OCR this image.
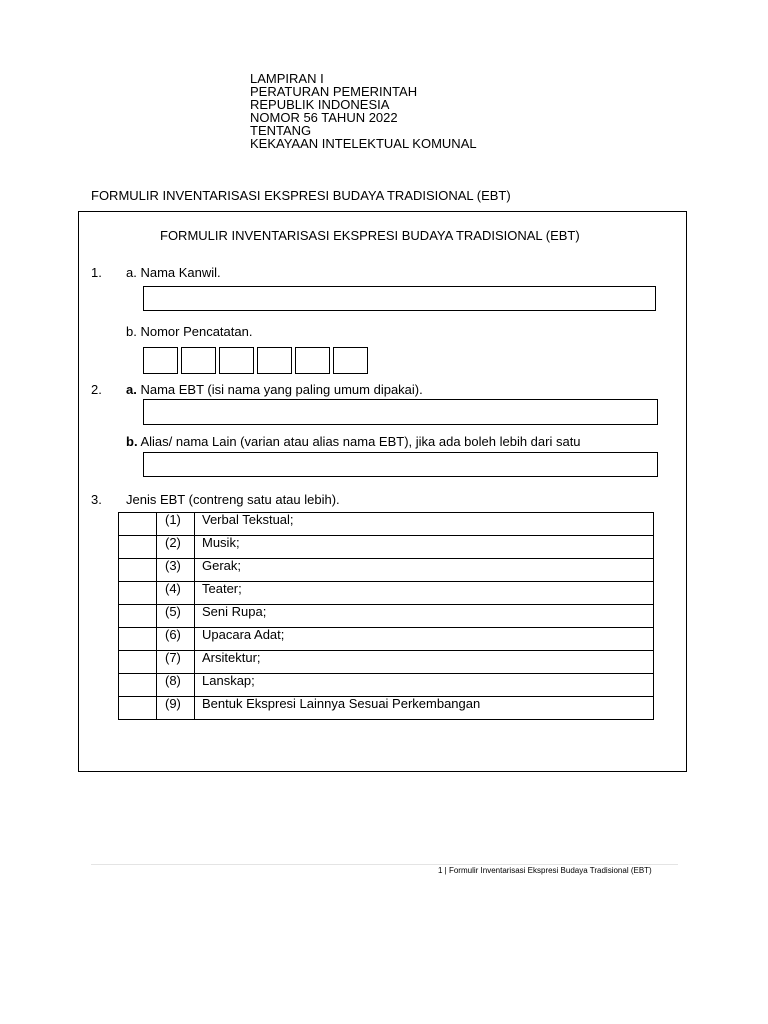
LAMPIRAN I
PERATURAN PEMERINTAH
REPUBLIK INDONESIA
NOMOR 56 TAHUN 2022
TENTANG
KEKAYAAN INTELEKTUAL KOMUNAL
FORMULIR INVENTARISASI EKSPRESI BUDAYA TRADISIONAL (EBT)
FORMULIR INVENTARISASI EKSPRESI BUDAYA TRADISIONAL (EBT)
1. a. Nama Kanwil.
b. Nomor Pencatatan.
2. a. Nama EBT (isi nama yang paling umum dipakai).
b. Alias/ nama Lain (varian atau alias nama EBT), jika ada boleh lebih dari satu
3. Jenis EBT (contreng satu atau lebih).
	(1)	Verbal Tekstual;
	(2)	Musik;
	(3)	Gerak;
	(4)	Teater;
	(5)	Seni Rupa;
	(6)	Upacara Adat;
	(7)	Arsitektur;
	(8)	Lanskap;
	(9)	Bentuk Ekspresi Lainnya Sesuai Perkembangan
1 | Formulir Inventarisasi Ekspresi Budaya Tradisional (EBT)
